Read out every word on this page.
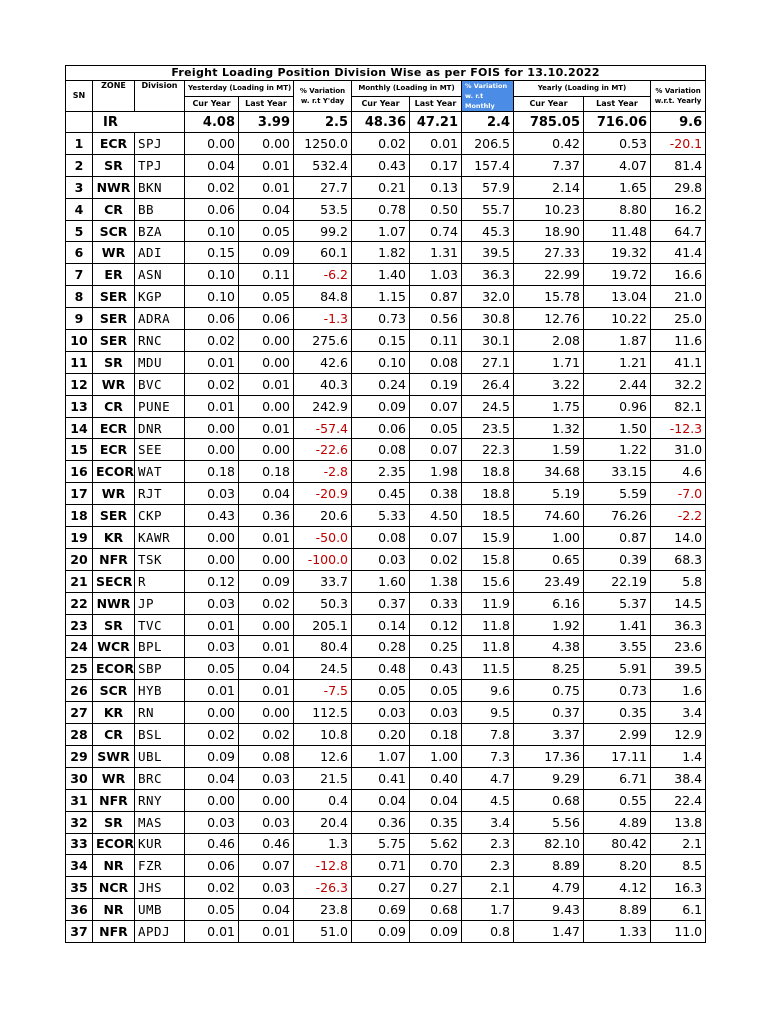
Freight Loading Position Division Wise as per FOIS for 13.10.2022											
SN	ZONE	Division	Yesterday (Loading in MT)		% Variation w. r.t Y'day	Monthly (Loading in MT)		% Variation w. r.t Monthly	Yearly (Loading in MT)		% Variation w.r.t. Yearly
			Cur Year	Last Year		Cur Year	Last Year		Cur Year	Last Year	
	IR		4.08	3.99	2.5	48.36	47.21	2.4	785.05	716.06	9.6
1	ECR	SPJ	0.00	0.00	1250.0	0.02	0.01	206.5	0.42	0.53	-20.1
2	SR	TPJ	0.04	0.01	532.4	0.43	0.17	157.4	7.37	4.07	81.4
3	NWR	BKN	0.02	0.01	27.7	0.21	0.13	57.9	2.14	1.65	29.8
4	CR	BB	0.06	0.04	53.5	0.78	0.50	55.7	10.23	8.80	16.2
5	SCR	BZA	0.10	0.05	99.2	1.07	0.74	45.3	18.90	11.48	64.7
6	WR	ADI	0.15	0.09	60.1	1.82	1.31	39.5	27.33	19.32	41.4
7	ER	ASN	0.10	0.11	-6.2	1.40	1.03	36.3	22.99	19.72	16.6
8	SER	KGP	0.10	0.05	84.8	1.15	0.87	32.0	15.78	13.04	21.0
9	SER	ADRA	0.06	0.06	-1.3	0.73	0.56	30.8	12.76	10.22	25.0
10	SER	RNC	0.02	0.00	275.6	0.15	0.11	30.1	2.08	1.87	11.6
11	SR	MDU	0.01	0.00	42.6	0.10	0.08	27.1	1.71	1.21	41.1
12	WR	BVC	0.02	0.01	40.3	0.24	0.19	26.4	3.22	2.44	32.2
13	CR	PUNE	0.01	0.00	242.9	0.09	0.07	24.5	1.75	0.96	82.1
14	ECR	DNR	0.00	0.01	-57.4	0.06	0.05	23.5	1.32	1.50	-12.3
15	ECR	SEE	0.00	0.00	-22.6	0.08	0.07	22.3	1.59	1.22	31.0
16	ECOR	WAT	0.18	0.18	-2.8	2.35	1.98	18.8	34.68	33.15	4.6
17	WR	RJT	0.03	0.04	-20.9	0.45	0.38	18.8	5.19	5.59	-7.0
18	SER	CKP	0.43	0.36	20.6	5.33	4.50	18.5	74.60	76.26	-2.2
19	KR	KAWR	0.00	0.01	-50.0	0.08	0.07	15.9	1.00	0.87	14.0
20	NFR	TSK	0.00	0.00	-100.0	0.03	0.02	15.8	0.65	0.39	68.3
21	SECR	R	0.12	0.09	33.7	1.60	1.38	15.6	23.49	22.19	5.8
22	NWR	JP	0.03	0.02	50.3	0.37	0.33	11.9	6.16	5.37	14.5
23	SR	TVC	0.01	0.00	205.1	0.14	0.12	11.8	1.92	1.41	36.3
24	WCR	BPL	0.03	0.01	80.4	0.28	0.25	11.8	4.38	3.55	23.6
25	ECOR	SBP	0.05	0.04	24.5	0.48	0.43	11.5	8.25	5.91	39.5
26	SCR	HYB	0.01	0.01	-7.5	0.05	0.05	9.6	0.75	0.73	1.6
27	KR	RN	0.00	0.00	112.5	0.03	0.03	9.5	0.37	0.35	3.4
28	CR	BSL	0.02	0.02	10.8	0.20	0.18	7.8	3.37	2.99	12.9
29	SWR	UBL	0.09	0.08	12.6	1.07	1.00	7.3	17.36	17.11	1.4
30	WR	BRC	0.04	0.03	21.5	0.41	0.40	4.7	9.29	6.71	38.4
31	NFR	RNY	0.00	0.00	0.4	0.04	0.04	4.5	0.68	0.55	22.4
32	SR	MAS	0.03	0.03	20.4	0.36	0.35	3.4	5.56	4.89	13.8
33	ECOR	KUR	0.46	0.46	1.3	5.75	5.62	2.3	82.10	80.42	2.1
34	NR	FZR	0.06	0.07	-12.8	0.71	0.70	2.3	8.89	8.20	8.5
35	NCR	JHS	0.02	0.03	-26.3	0.27	0.27	2.1	4.79	4.12	16.3
36	NR	UMB	0.05	0.04	23.8	0.69	0.68	1.7	9.43	8.89	6.1
37	NFR	APDJ	0.01	0.01	51.0	0.09	0.09	0.8	1.47	1.33	11.0
